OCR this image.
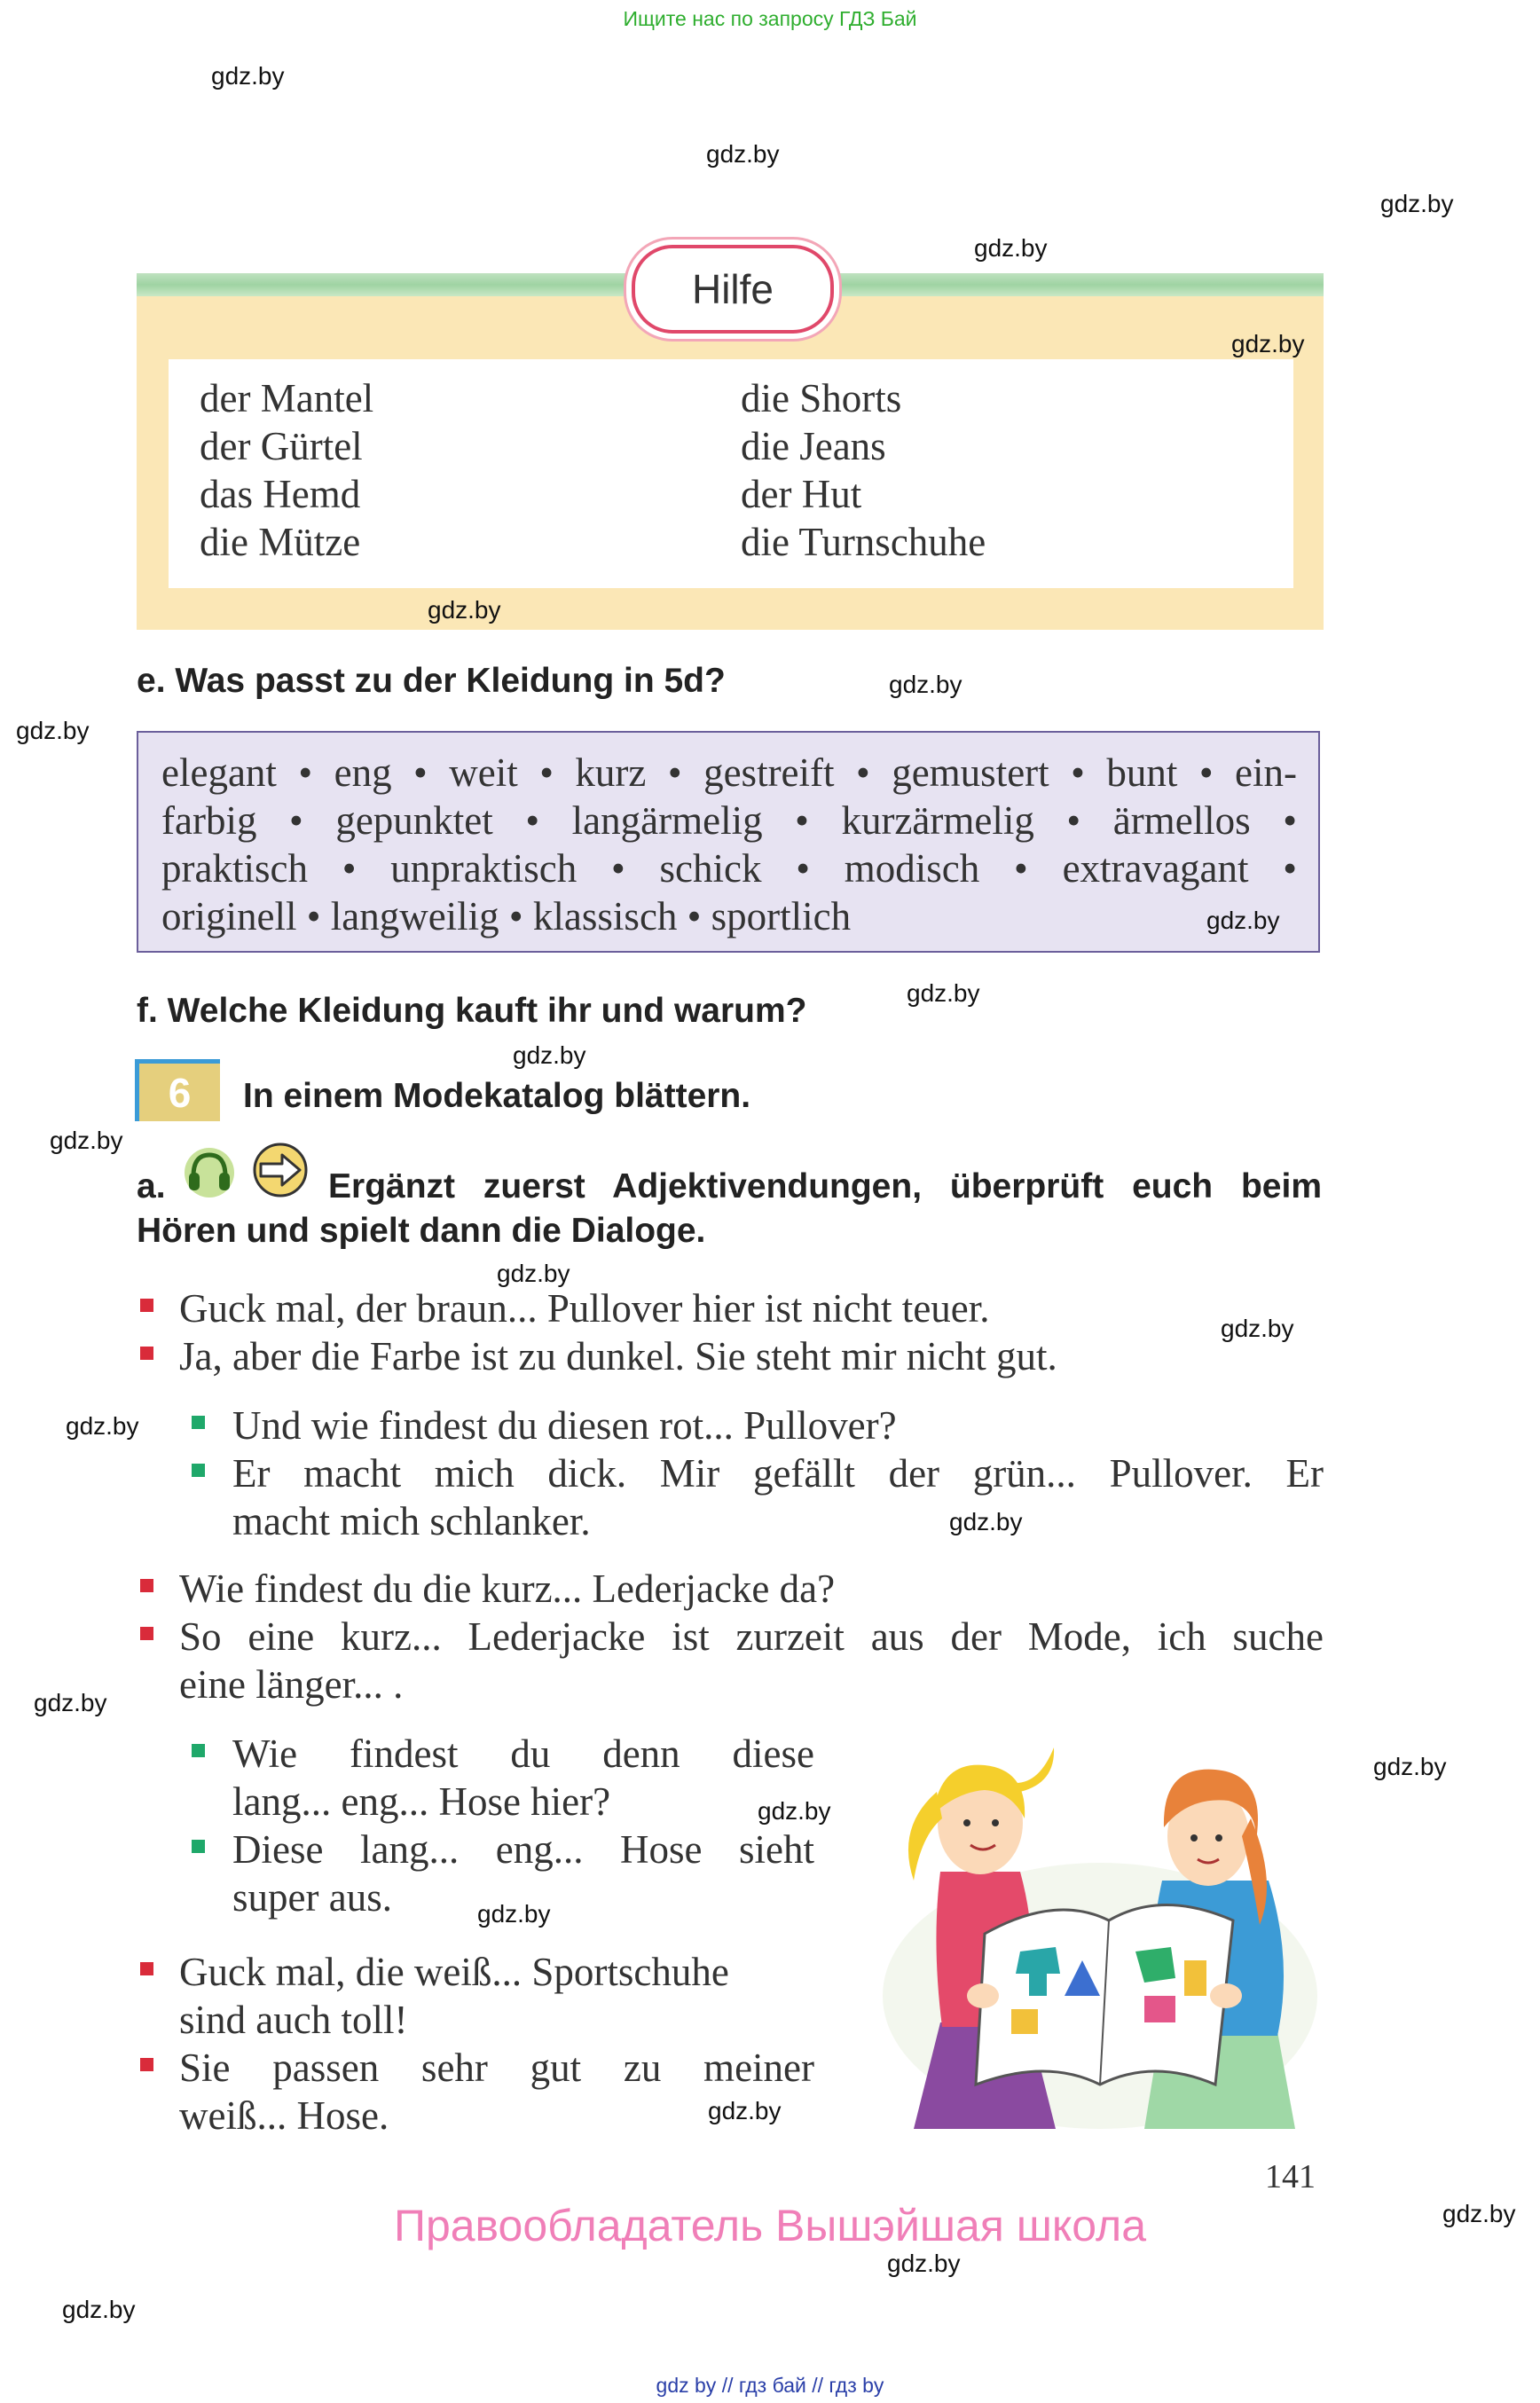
Ищите нас по запросу ГДЗ Бай
Hilfe
der Mantel
der Gürtel
das Hemd
die Mütze
die Shorts
die Jeans
der Hut
die Turnschuhe
e. Was passt zu der Kleidung in 5d?
elegant • eng • weit • kurz • gestreift • gemustert • bunt • ein-
farbig • gepunktet • langärmelig • kurzärmelig • ärmellos •
praktisch • unpraktisch • schick • modisch • extravagant •
originell • langweilig • klassisch • sportlich
f. Welche Kleidung kauft ihr und warum?
6	In einem Modekatalog blättern.
a.	Ergänzt zuerst Adjektivendungen, überprüft euch beim
Hören und spielt dann die Dialoge.
Guck mal, der braun... Pullover hier ist nicht teuer.
Ja, aber die Farbe ist zu dunkel. Sie steht mir nicht gut.
Und wie findest du diesen rot... Pullover?
Er macht mich dick. Mir gefällt der grün... Pullover. Er
macht mich schlanker.
Wie findest du die kurz... Lederjacke da?
So eine kurz... Lederjacke ist zurzeit aus der Mode, ich suche
eine länger... .
Wie findest du denn diese
lang... eng... Hose hier?
Diese lang... eng... Hose sieht
super aus.
Guck mal, die weiß... Sportschuhe
sind auch toll!
Sie passen sehr gut zu meiner
weiß... Hose.
141
Правообладатель Вышэйшая школа
gdz by // гдз бай // гдз by
gdz.by
gdz.by
gdz.by
gdz.by
gdz.by
gdz.by
gdz.by
gdz.by
gdz.by
gdz.by
gdz.by
gdz.by
gdz.by
gdz.by
gdz.by
gdz.by
gdz.by
gdz.by
gdz.by
gdz.by
gdz.by
gdz.by
gdz.by
gdz.by
